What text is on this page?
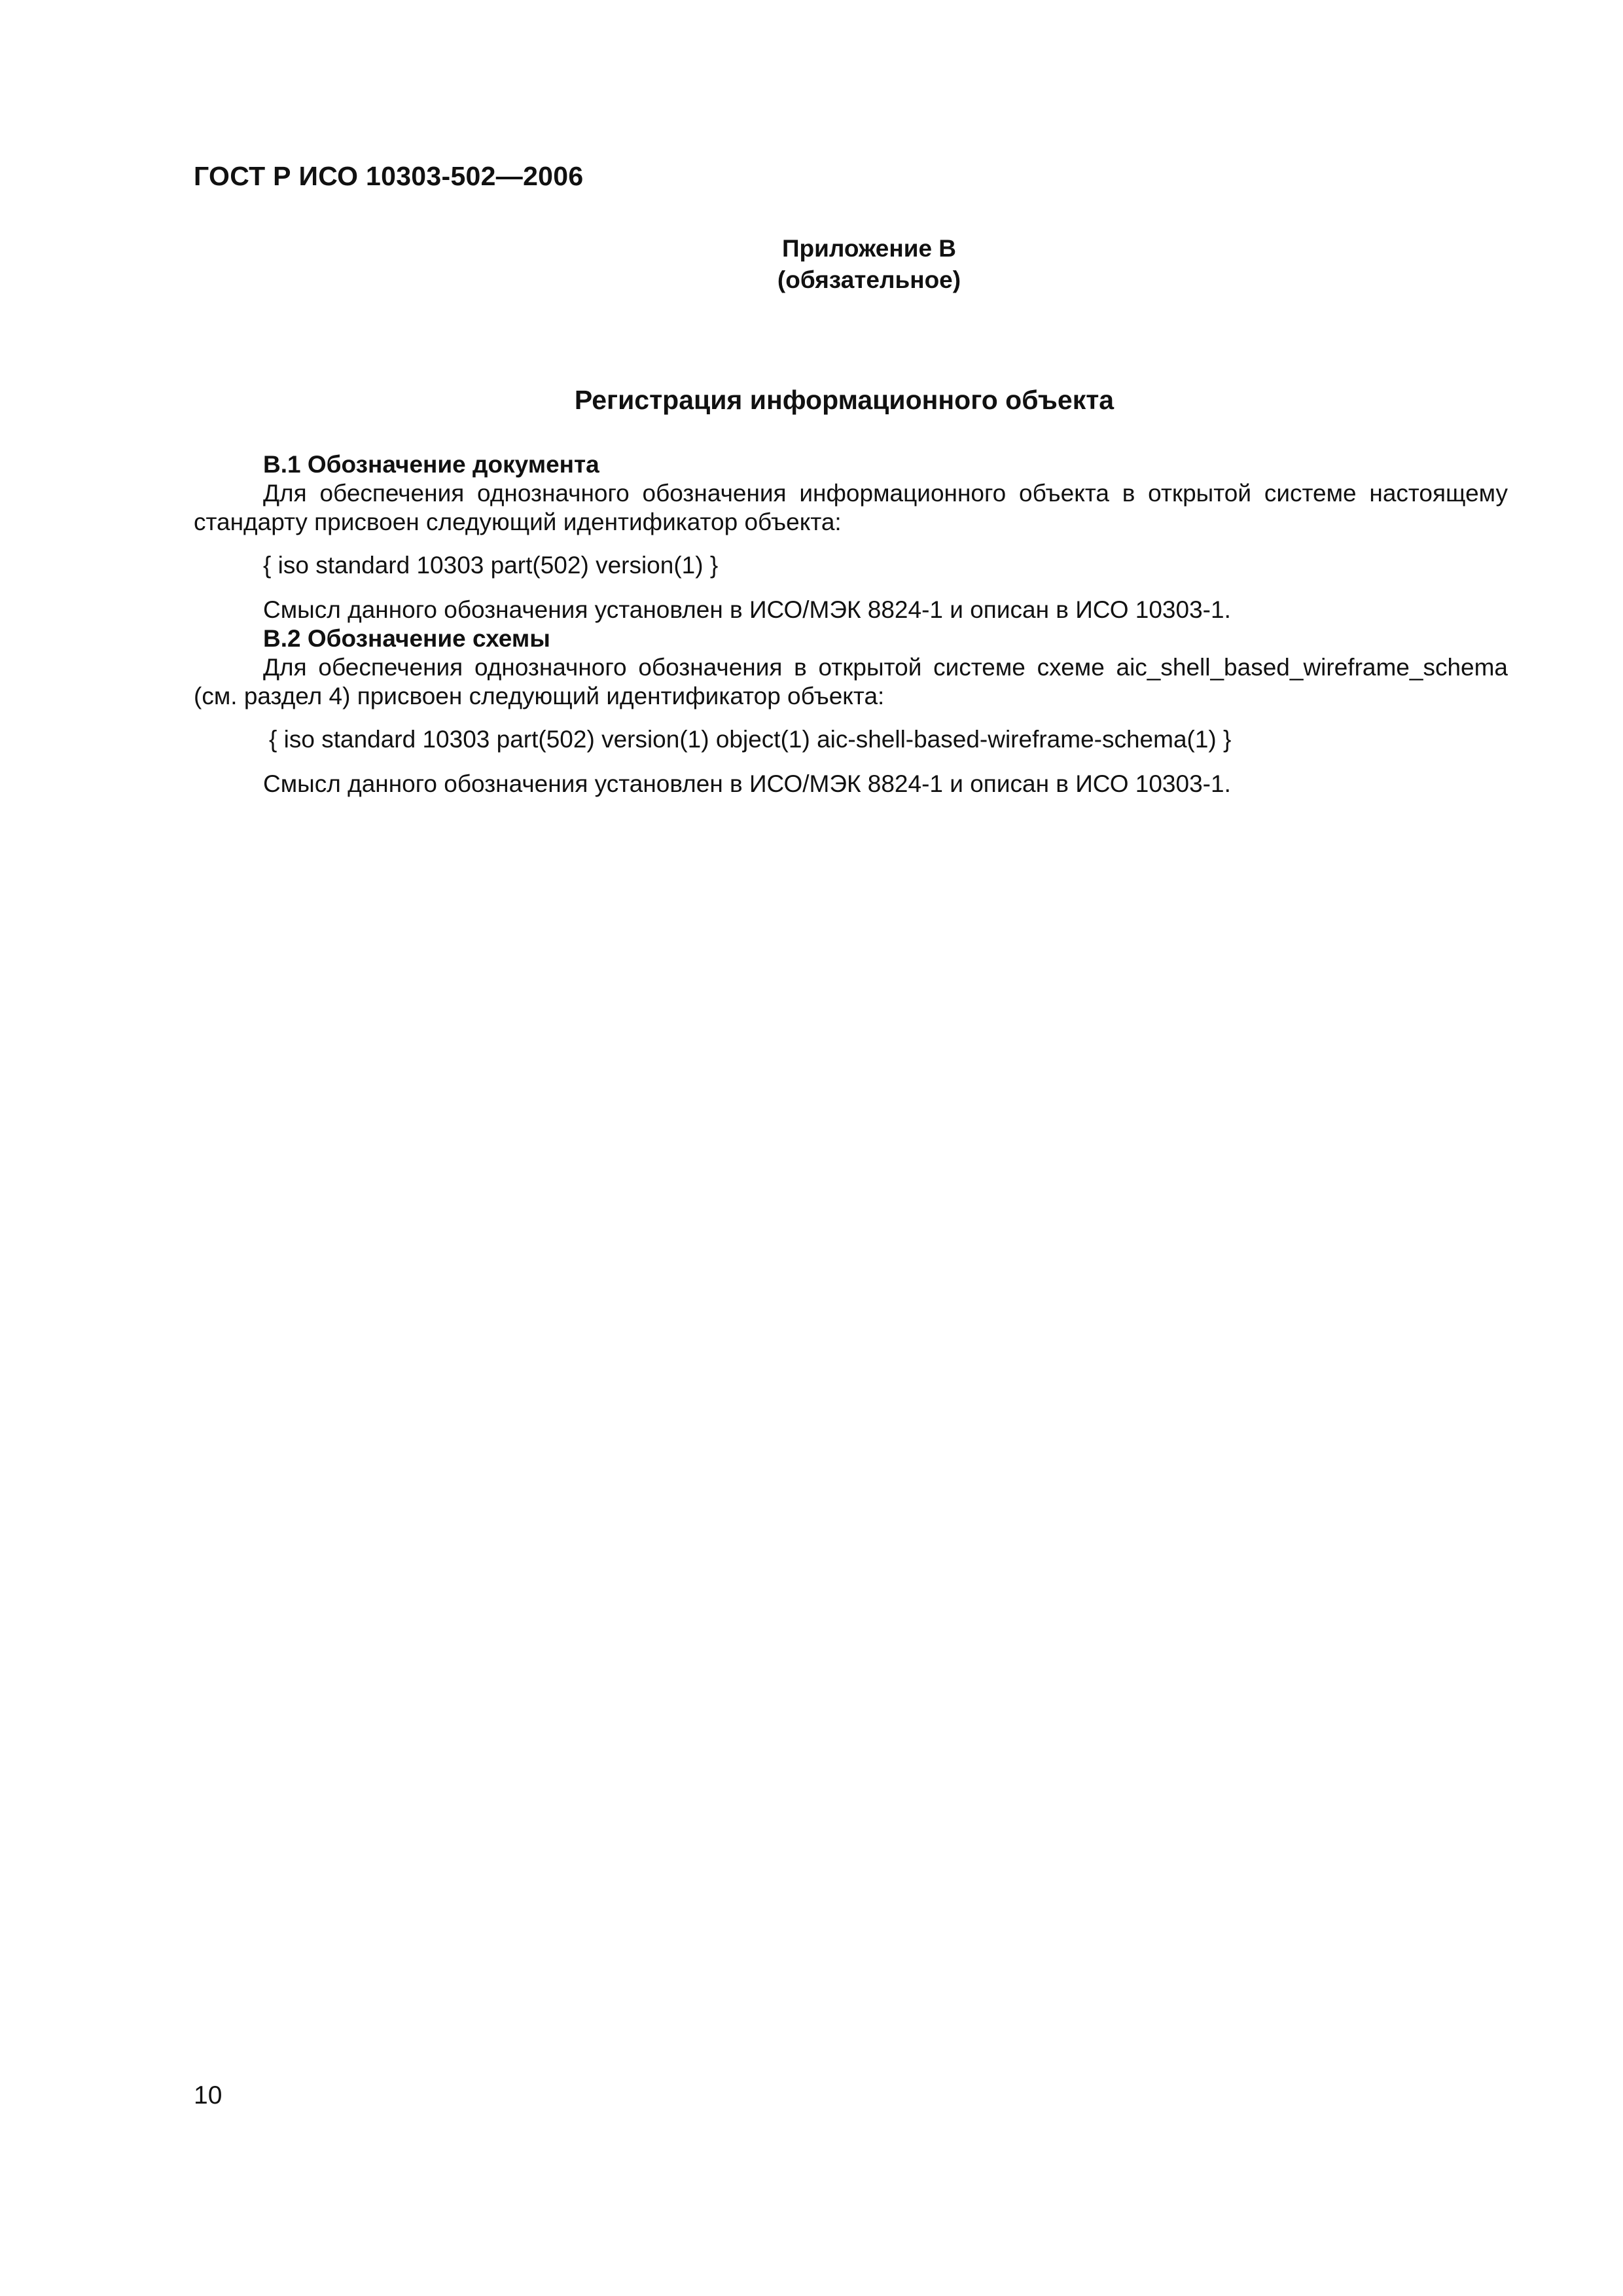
ГОСТ Р ИСО 10303-502—2006
Приложение В
(обязательное)
Регистрация информационного объекта
В.1 Обозначение документа
Для обеспечения однозначного обозначения информационного объекта в открытой системе настоящему
стандарту присвоен следующий идентификатор объекта:
{ iso standard 10303 part(502) version(1) }
Смысл данного обозначения установлен в ИСО/МЭК 8824-1 и описан в ИСО 10303-1.
В.2 Обозначение схемы
Для обеспечения однозначного обозначения в открытой системе схеме aic_shell_based_wireframe_schema
(см. раздел 4) присвоен следующий идентификатор объекта:
{ iso standard 10303 part(502) version(1) object(1) aic-shell-based-wireframe-schema(1) }
Смысл данного обозначения установлен в ИСО/МЭК 8824-1 и описан в ИСО 10303-1.
10
